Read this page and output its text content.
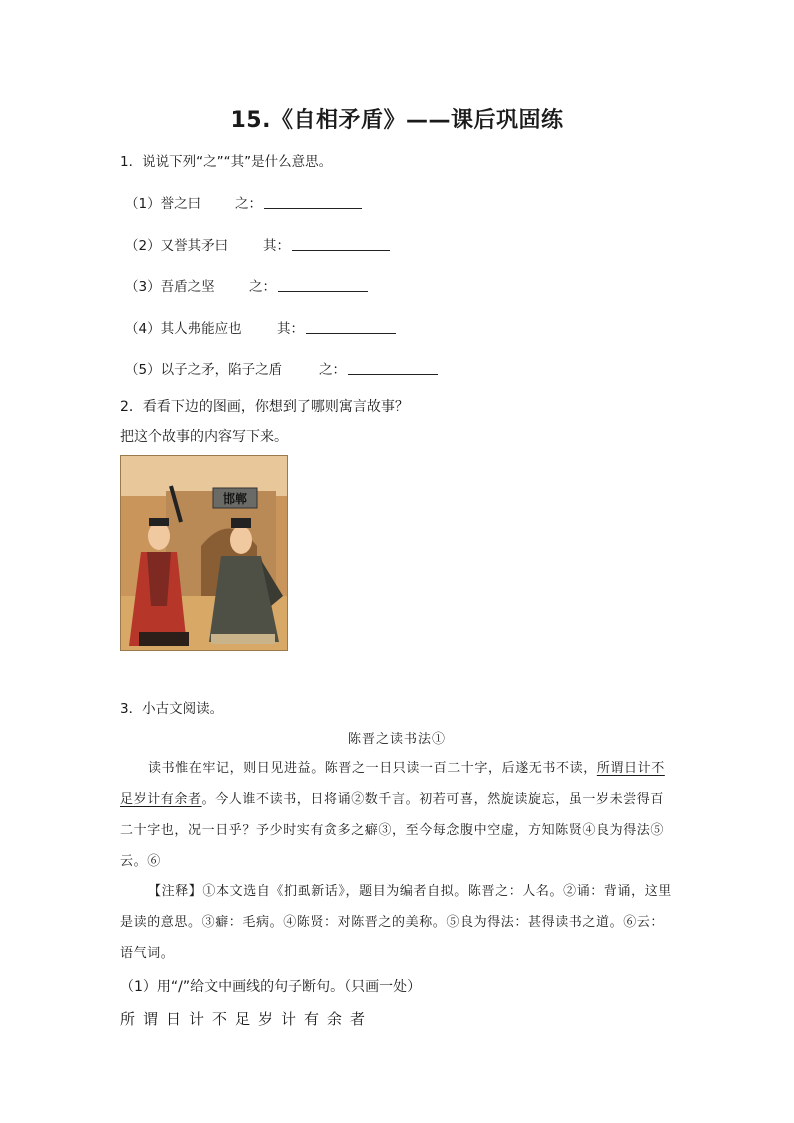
15.《自相矛盾》——课后巩固练
1．说说下列“之”“其”是什么意思。
（1）誉之曰	之：
（2）又誉其矛曰	其：
（3）吾盾之坚	之：
（4）其人弗能应也	其：
（5）以子之矛，陷子之盾	之：
2．看看下边的图画，你想到了哪则寓言故事？
把这个故事的内容写下来。
邯郸
3．小古文阅读。
陈晋之读书法①
读书惟在牢记，则日见进益。陈晋之一日只读一百二十字，后遂无书不读，所谓日计不足岁计有余者。今人谁不读书，日将诵②数千言。初若可喜，然旋读旋忘，虽一岁未尝得百二十字也，况一日乎？予少时实有贪多之癖③，至今每念腹中空虚，方知陈贤④良为得法⑤云。⑥
【注释】①本文选自《扪虱新话》，题目为编者自拟。陈晋之：人名。②诵：背诵，这里是读的意思。③癖：毛病。④陈贤：对陈晋之的美称。⑤良为得法：甚得读书之道。⑥云：语气词。
（1）用“/”给文中画线的句子断句。（只画一处）
所谓日计不足岁计有余者
